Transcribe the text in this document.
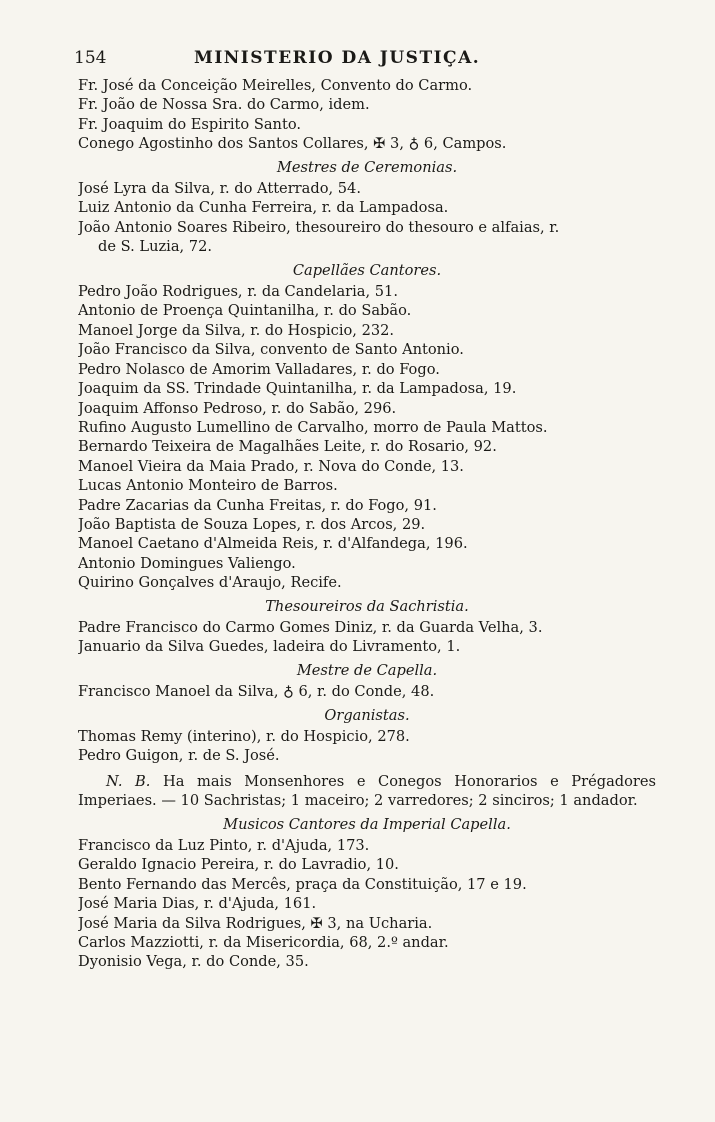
154	MINISTERIO DA JUSTIÇA.
Fr. José da Conceição Meirelles, Convento do Carmo.
Fr. João de Nossa Sra. do Carmo, idem.
Fr. Joaquim do Espirito Santo.
Conego Agostinho dos Santos Collares, ✠ 3, ♁ 6, Campos.
Mestres de Ceremonias.
José Lyra da Silva, r. do Atterrado, 54.
Luiz Antonio da Cunha Ferreira, r. da Lampadosa.
João Antonio Soares Ribeiro, thesoureiro do thesouro e alfaias, r.
de S. Luzia, 72.
Capellães Cantores.
Pedro João Rodrigues, r. da Candelaria, 51.
Antonio de Proença Quintanilha, r. do Sabão.
Manoel Jorge da Silva, r. do Hospicio, 232.
João Francisco da Silva, convento de Santo Antonio.
Pedro Nolasco de Amorim Valladares, r. do Fogo.
Joaquim da SS. Trindade Quintanilha, r. da Lampadosa, 19.
Joaquim Affonso Pedroso, r. do Sabão, 296.
Rufino Augusto Lumellino de Carvalho, morro de Paula Mattos.
Bernardo Teixeira de Magalhães Leite, r. do Rosario, 92.
Manoel Vieira da Maia Prado, r. Nova do Conde, 13.
Lucas Antonio Monteiro de Barros.
Padre Zacarias da Cunha Freitas, r. do Fogo, 91.
João Baptista de Souza Lopes, r. dos Arcos, 29.
Manoel Caetano d'Almeida Reis, r. d'Alfandega, 196.
Antonio Domingues Valiengo.
Quirino Gonçalves d'Araujo, Recife.
Thesoureiros da Sachristia.
Padre Francisco do Carmo Gomes Diniz, r. da Guarda Velha, 3.
Januario da Silva Guedes, ladeira do Livramento, 1.
Mestre de Capella.
Francisco Manoel da Silva, ♁ 6, r. do Conde, 48.
Organistas.
Thomas Remy (interino), r. do Hospicio, 278.
Pedro Guigon, r. de S. José.
N. B. Ha mais Monsenhores e Conegos Honorarios e Prégadores Imperiaes. — 10 Sachristas; 1 maceiro; 2 varredores; 2 sinciros; 1 andador.
Musicos Cantores da Imperial Capella.
Francisco da Luz Pinto, r. d'Ajuda, 173.
Geraldo Ignacio Pereira, r. do Lavradio, 10.
Bento Fernando das Mercês, praça da Constituição, 17 e 19.
José Maria Dias, r. d'Ajuda, 161.
José Maria da Silva Rodrigues, ✠ 3, na Ucharia.
Carlos Mazziotti, r. da Misericordia, 68, 2.º andar.
Dyonisio Vega, r. do Conde, 35.
